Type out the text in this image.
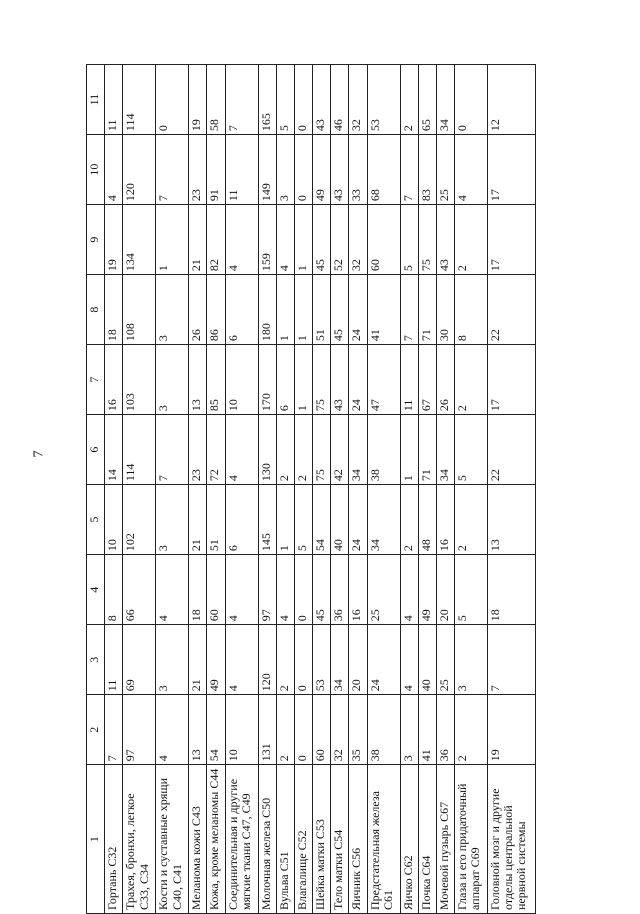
7
1	2	3	4	5	6	7	8	9	10	11
Гортань С32	7	11	8	10	14	16	18	19	4	11
Трахея, бронхи, легкое С33, С34	97	69	66	102	114	103	108	134	120	114
Кости и суставные хрящи С40, С41	4	3	4	3	7	3	3	1	7	0
Меланома кожи С43	13	21	18	21	23	13	26	21	23	19
Кожа, кроме меланомы С44	54	49	60	51	72	85	86	82	91	58
Соединительная и другие мягкие ткани С47, С49	10	4	4	6	4	10	6	4	11	7
Молочная железа С50	131	120	97	145	130	170	180	159	149	165
Вульва С51	2	2	4	1	2	6	1	4	3	5
Влагалище С52	0	0	0	5	2	1	1	1	0	0
Шейка матки С53	60	53	45	54	75	75	51	45	49	43
Тело матки С54	32	34	36	40	42	43	45	52	43	46
Яичник С56	35	20	16	24	34	24	24	32	33	32
Предстательная железа С61	38	24	25	34	38	47	41	60	68	53
Яичко С62	3	4	4	2	1	11	7	5	7	2
Почка С64	41	40	49	48	71	67	71	75	83	65
Мочевой пузырь С67	36	25	20	16	34	26	30	43	25	34
Глаза и его придаточный аппарат С69	2	3	5	2	5	2	8	2	4	0
Головной мозг и другие отделы центральной нервной системы	19	7	18	13	22	17	22	17	17	12
